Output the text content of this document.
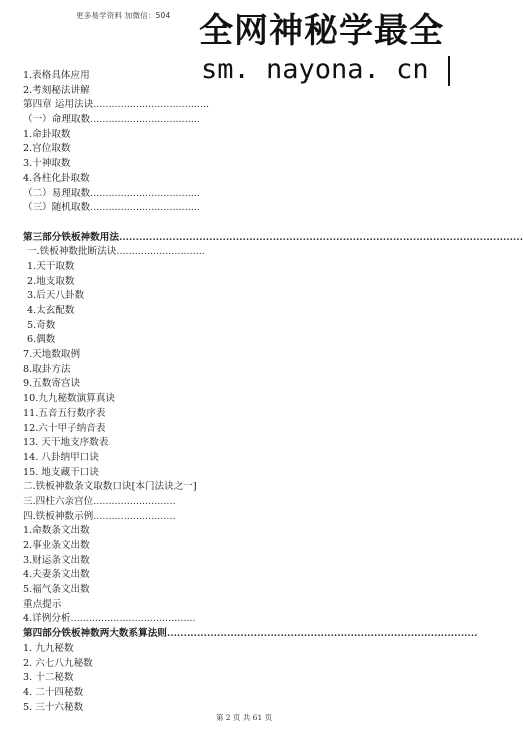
更多易学资料 加微信：504 全网神秘学最全
sm. nayona. cn
1.表格具体应用
2.考刻秘法讲解
第四章 运用法诀......................................
（一）命理取数....................................
1.命卦取数
2.宫位取数
3.十神取数
4.各柱化卦取数
（二）易理取数....................................
（三）随机取数....................................
第三部分铁板神数用法.........................................................................................................................
一.铁板神数批断法诀.............................
1.天干取数
2.地支取数
3.后天八卦数
4.太玄配数
5.奇数
6.偶数
7.天地数取例
8.取卦方法
9.五数寄宫诀
10.九九秘数演算真诀
11.五音五行数序表
12.六十甲子纳音表
13. 天干地支序数表
14. 八卦纳甲口诀
15. 地支藏干口诀
二.铁板神数条文取数口诀[本门法诀之一]
三.四柱六亲宫位...........................
四.铁板神数示例...........................
1.命数条文出数
2.事业条文出数
3.财运条文出数
4.夫妻条文出数
5.福气条文出数
重点提示
4.详例分析.........................................
第四部分铁板神数两大数系算法则.............................................................................................
1. 九九秘数
2. 六七八九秘数
3. 十二秘数
4. 二十四秘数
5. 三十六秘数
第 2 页 共 61 页
